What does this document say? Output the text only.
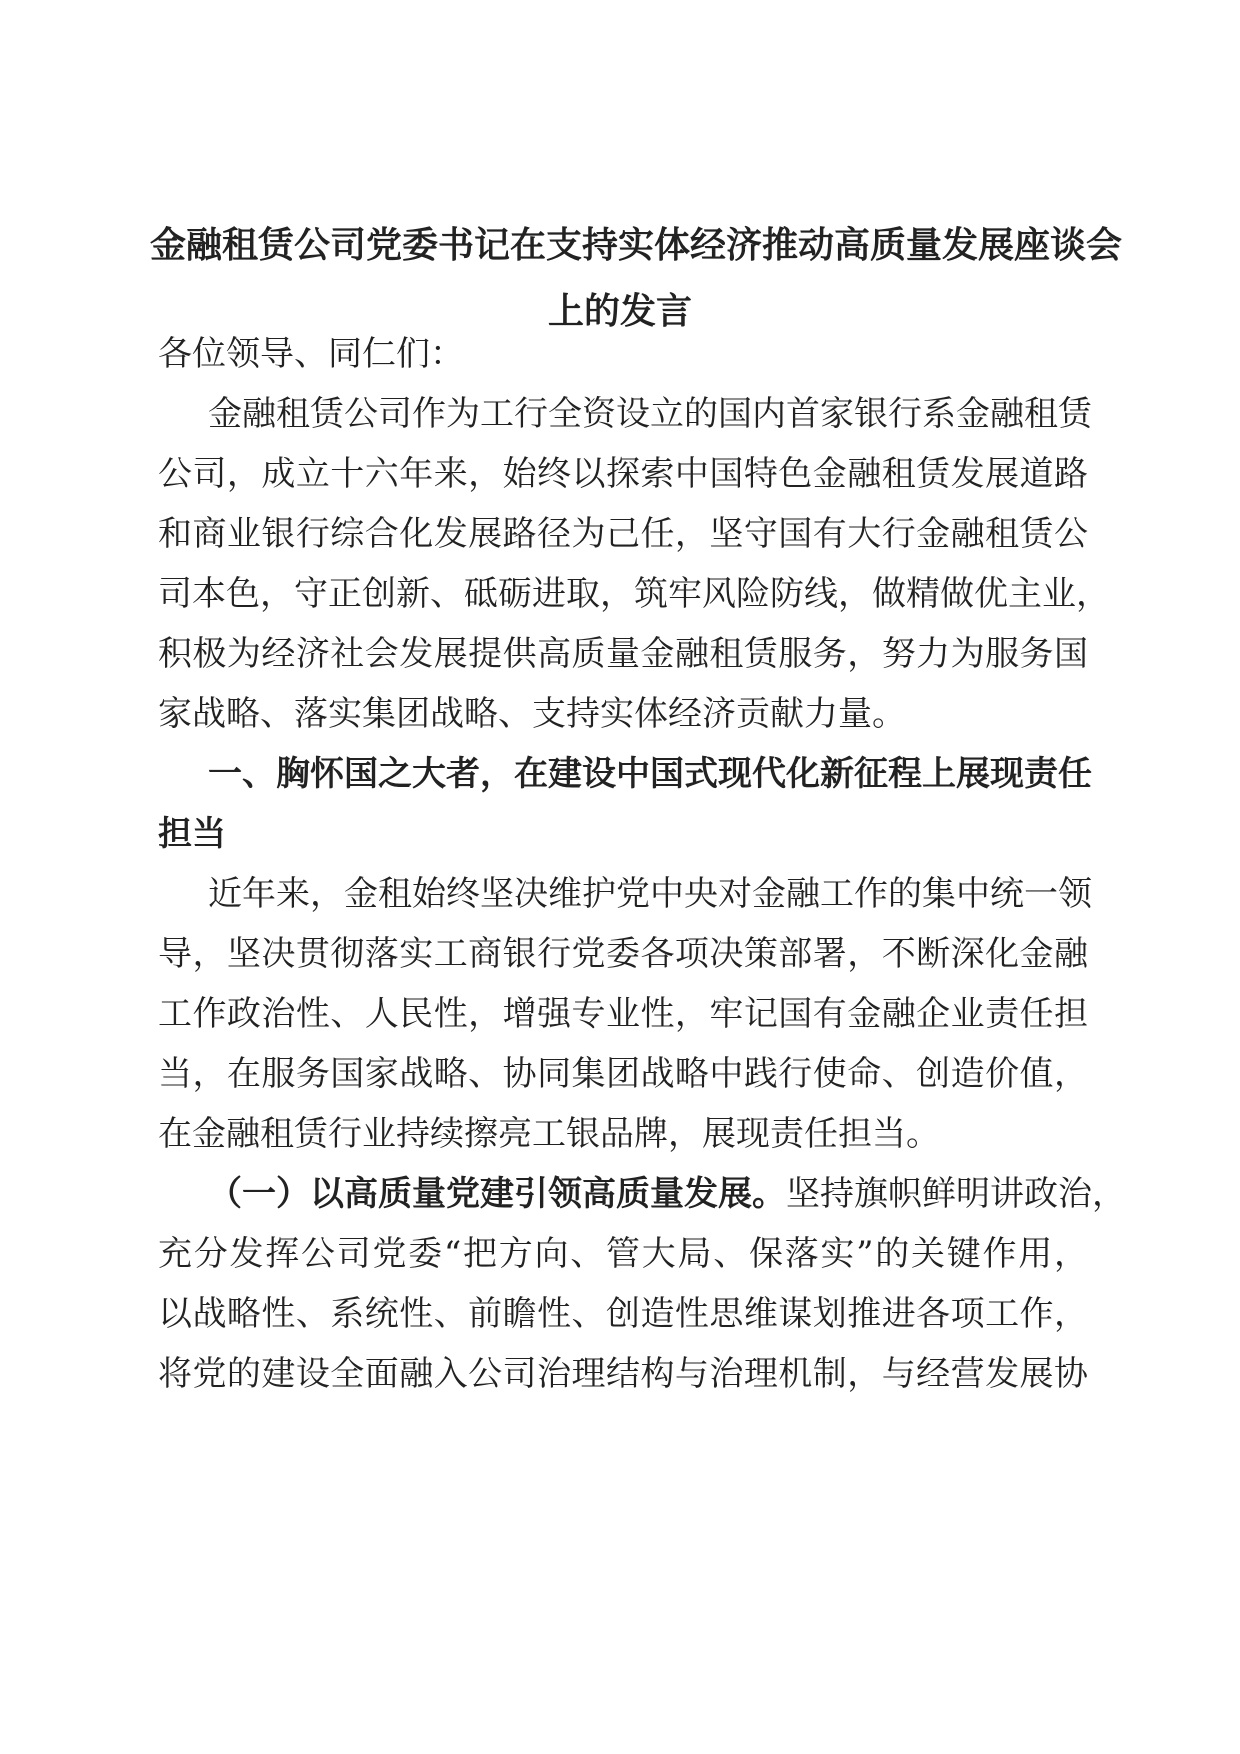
金融租赁公司党委书记在支持实体经济推动高质量发展座谈会
上的发言

各位领导、同仁们：

金融租赁公司作为工行全资设立的国内首家银行系金融租赁

公司，成立十六年来，始终以探索中国特色金融租赁发展道路

和商业银行综合化发展路径为己任，坚守国有大行金融租赁公

司本色，守正创新、砥砺进取，筑牢风险防线，做精做优主业，

积极为经济社会发展提供高质量金融租赁服务，努力为服务国

家战略、落实集团战略、支持实体经济贡献力量。

一、胸怀国之大者，在建设中国式现代化新征程上展现责任

担当

近年来，金租始终坚决维护党中央对金融工作的集中统一领

导，坚决贯彻落实工商银行党委各项决策部署，不断深化金融

工作政治性、人民性，增强专业性，牢记国有金融企业责任担

当，在服务国家战略、协同集团战略中践行使命、创造价值，

在金融租赁行业持续擦亮工银品牌，展现责任担当。

（一）以高质量党建引领高质量发展。坚持旗帜鲜明讲政治，

充分发挥公司党委“把方向、管大局、保落实”的关键作用，

以战略性、系统性、前瞻性、创造性思维谋划推进各项工作，

将党的建设全面融入公司治理结构与治理机制，与经营发展协
